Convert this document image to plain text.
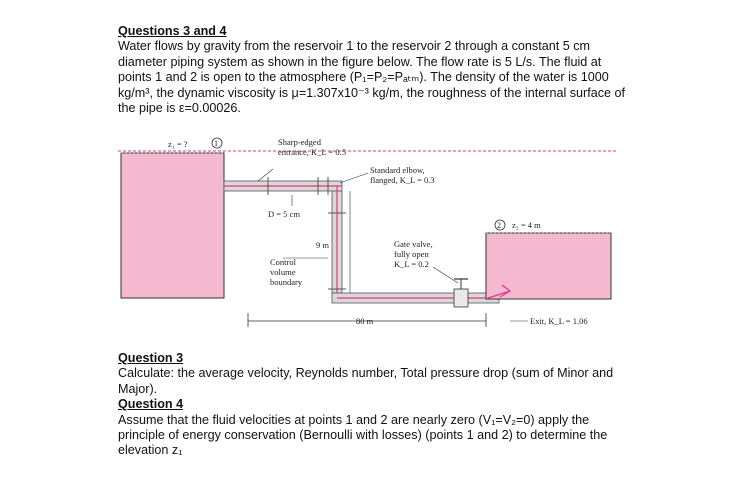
Questions 3 and 4

Water flows by gravity from the reservoir 1 to the reservoir 2 through a constant 5 cm diameter piping system as shown in the figure below. The flow rate is 5 L/s. The fluid at points 1 and 2 is open to the atmosphere (P₁=P₂=Pₐₜₘ). The density of the water is 1000 kg/m³, the dynamic viscosity is μ=1.307x10⁻³ kg/m, the roughness of the internal surface of the pipe is ε=0.00026.

z₁ = ?	1	Sharp-edged
entrance, K_L = 0.5
Standard elbow,
flanged, K_L = 0.3
D = 5 cm
9 m
Control
volume
boundary
Gate valve,
fully open
K_L = 0.2
2 z₂ = 4 m
80 m	Exit, K_L = 1.06
Question 3

Calculate: the average velocity, Reynolds number, Total pressure drop (sum of Minor and Major).

Question 4

Assume that the fluid velocities at points 1 and 2 are nearly zero (V₁=V₂=0) apply the principle of energy conservation (Bernoulli with losses) (points 1 and 2) to determine the elevation z₁
